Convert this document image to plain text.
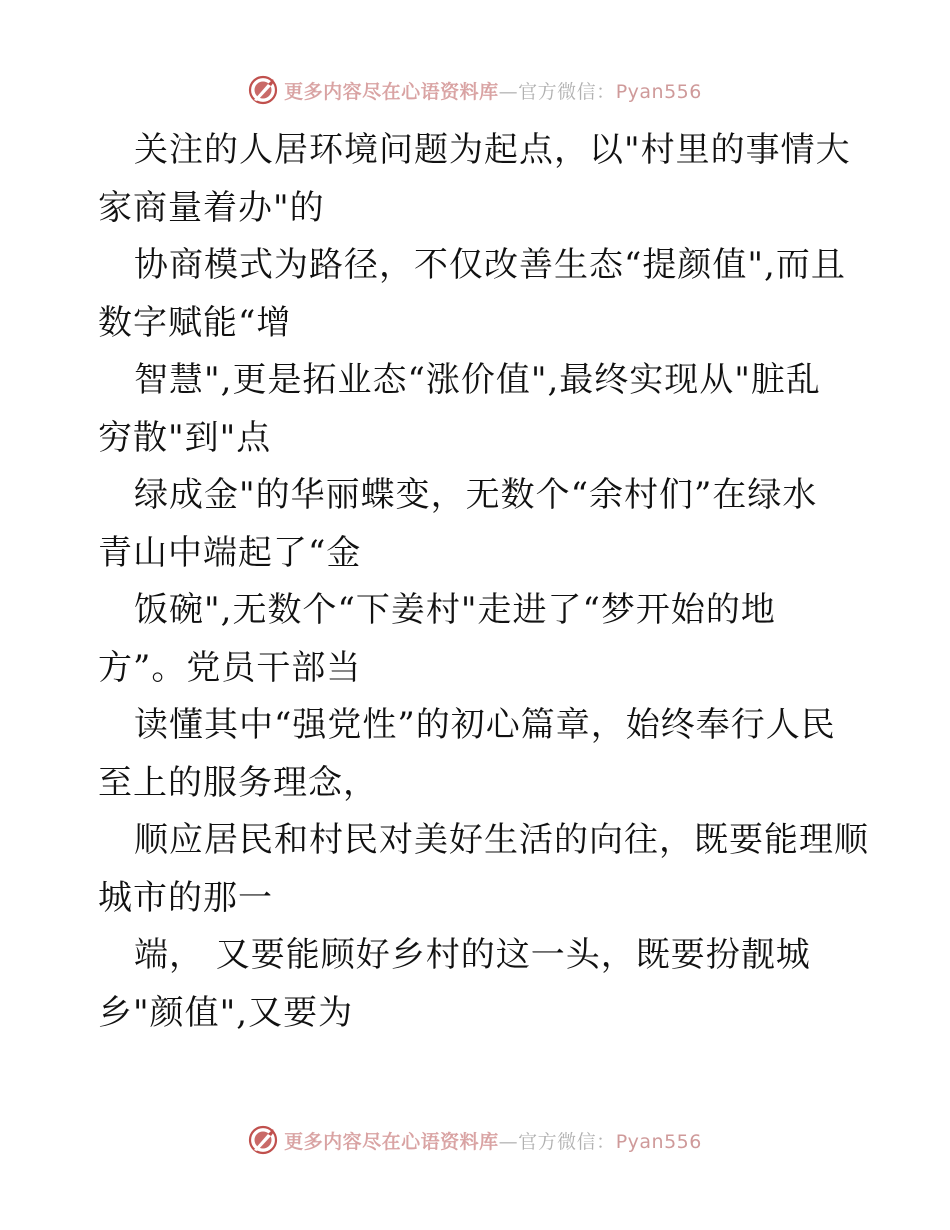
更多内容尽在心语资料库—官方微信：Pyan556
关注的人居环境问题为起点，以"村里的事情大
家商量着办"的
协商模式为路径，不仅改善生态“提颜值",而且
数字赋能“增
智慧",更是拓业态“涨价值",最终实现从"脏乱
穷散"到"点
绿成金"的华丽蝶变，无数个“余村们”在绿水
青山中端起了“金
饭碗",无数个“下姜村"走进了“梦开始的地
方”。党员干部当
读懂其中“强党性”的初心篇章，始终奉行人民
至上的服务理念，
顺应居民和村民对美好生活的向往，既要能理顺
城市的那一
端， 又要能顾好乡村的这一头，既要扮靓城
乡"颜值",又要为
更多内容尽在心语资料库—官方微信：Pyan556
